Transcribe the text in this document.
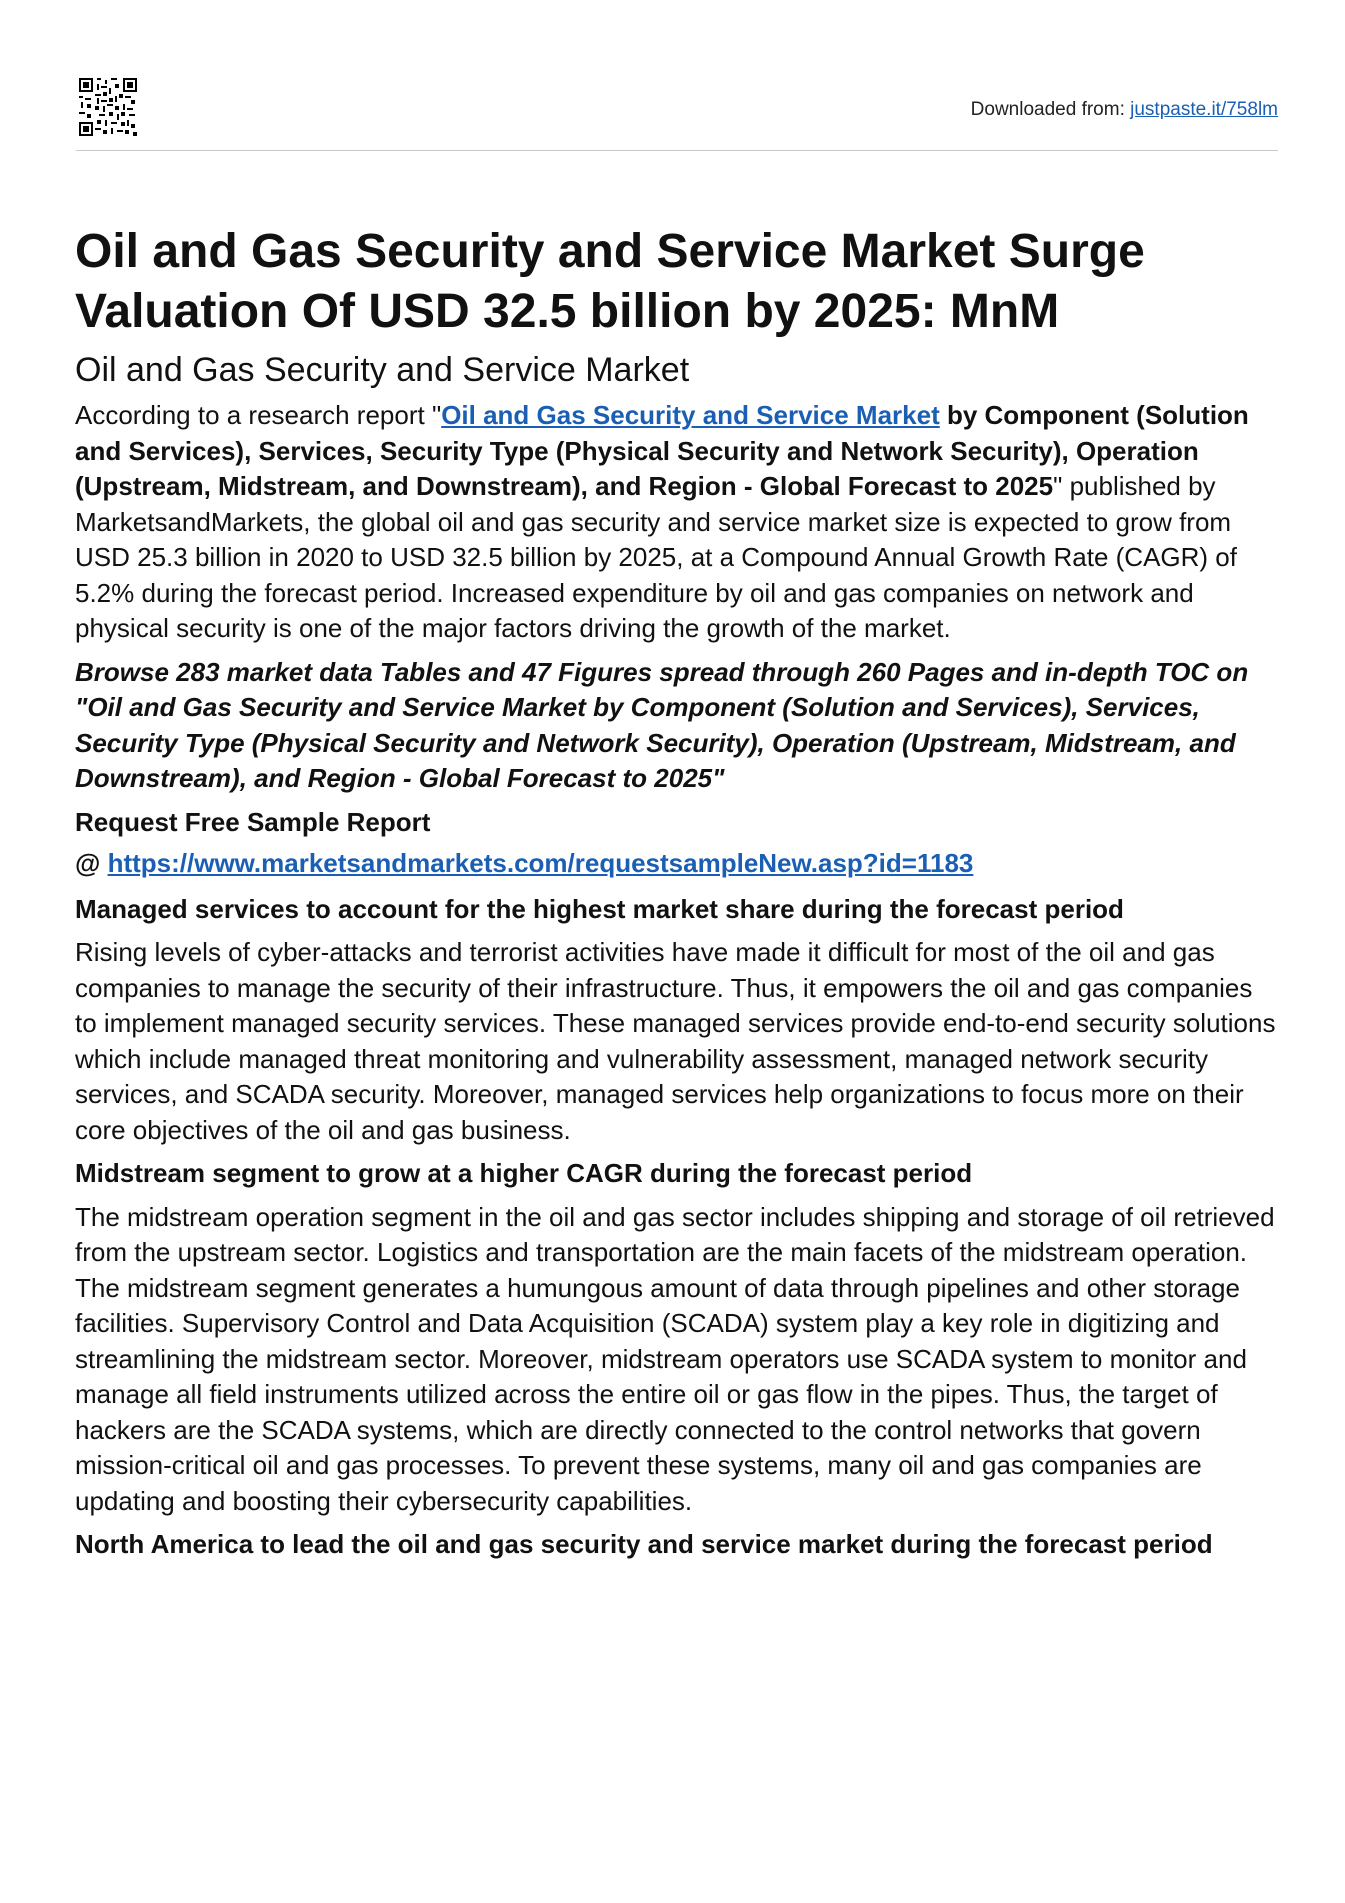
Downloaded from: justpaste.it/758lm
Oil and Gas Security and Service Market Surge Valuation Of USD 32.5 billion by 2025: MnM
Oil and Gas Security and Service Market

According to a research report "Oil and Gas Security and Service Market by Component (Solution and Services), Services, Security Type (Physical Security and Network Security), Operation (Upstream, Midstream, and Downstream), and Region - Global Forecast to 2025" published by MarketsandMarkets, the global oil and gas security and service market size is expected to grow from USD 25.3 billion in 2020 to USD 32.5 billion by 2025, at a Compound Annual Growth Rate (CAGR) of 5.2% during the forecast period. Increased expenditure by oil and gas companies on network and physical security is one of the major factors driving the growth of the market.

Browse 283 market data Tables and 47 Figures spread through 260 Pages and in-depth TOC on "Oil and Gas Security and Service Market by Component (Solution and Services), Services, Security Type (Physical Security and Network Security), Operation (Upstream, Midstream, and Downstream), and Region - Global Forecast to 2025"

Request Free Sample Report

@ https://www.marketsandmarkets.com/requestsampleNew.asp?id=1183

Managed services to account for the highest market share during the forecast period

Rising levels of cyber-attacks and terrorist activities have made it difficult for most of the oil and gas companies to manage the security of their infrastructure. Thus, it empowers the oil and gas companies to implement managed security services. These managed services provide end-to-end security solutions which include managed threat monitoring and vulnerability assessment, managed network security services, and SCADA security. Moreover, managed services help organizations to focus more on their core objectives of the oil and gas business.

Midstream segment to grow at a higher CAGR during the forecast period

The midstream operation segment in the oil and gas sector includes shipping and storage of oil retrieved from the upstream sector. Logistics and transportation are the main facets of the midstream operation. The midstream segment generates a humungous amount of data through pipelines and other storage facilities. Supervisory Control and Data Acquisition (SCADA) system play a key role in digitizing and streamlining the midstream sector. Moreover, midstream operators use SCADA system to monitor and manage all field instruments utilized across the entire oil or gas flow in the pipes. Thus, the target of hackers are the SCADA systems, which are directly connected to the control networks that govern mission-critical oil and gas processes. To prevent these systems, many oil and gas companies are updating and boosting their cybersecurity capabilities.

North America to lead the oil and gas security and service market during the forecast period
